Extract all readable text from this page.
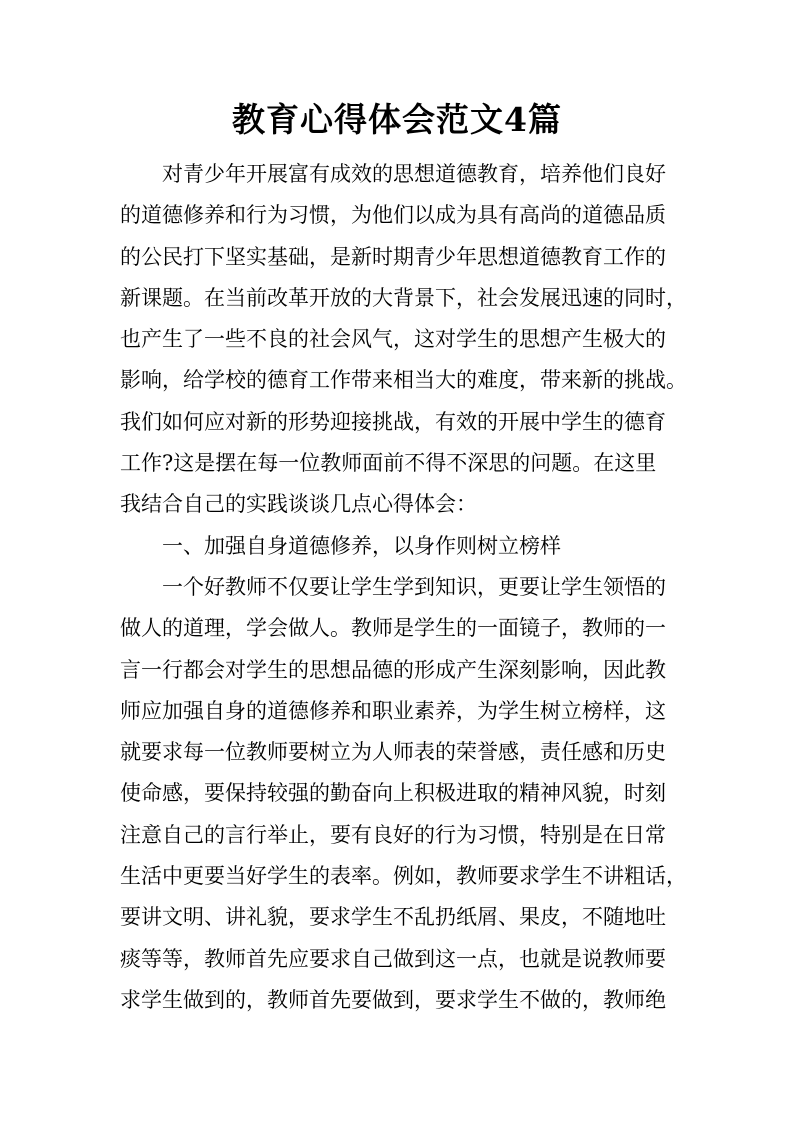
教育心得体会范文4篇
对青少年开展富有成效的思想道德教育，培养他们良好
的道德修养和行为习惯，为他们以成为具有高尚的道德品质
的公民打下坚实基础，是新时期青少年思想道德教育工作的
新课题。在当前改革开放的大背景下，社会发展迅速的同时，
也产生了一些不良的社会风气，这对学生的思想产生极大的
影响，给学校的德育工作带来相当大的难度，带来新的挑战。
我们如何应对新的形势迎接挑战，有效的开展中学生的德育
工作?这是摆在每一位教师面前不得不深思的问题。在这里
我结合自己的实践谈谈几点心得体会：
一、加强自身道德修养，以身作则树立榜样
一个好教师不仅要让学生学到知识，更要让学生领悟的
做人的道理，学会做人。教师是学生的一面镜子，教师的一
言一行都会对学生的思想品德的形成产生深刻影响，因此教
师应加强自身的道德修养和职业素养，为学生树立榜样，这
就要求每一位教师要树立为人师表的荣誉感，责任感和历史
使命感，要保持较强的勤奋向上积极进取的精神风貌，时刻
注意自己的言行举止，要有良好的行为习惯，特别是在日常
生活中更要当好学生的表率。例如，教师要求学生不讲粗话，
要讲文明、讲礼貌，要求学生不乱扔纸屑、果皮，不随地吐
痰等等，教师首先应要求自己做到这一点，也就是说教师要
求学生做到的，教师首先要做到，要求学生不做的，教师绝
